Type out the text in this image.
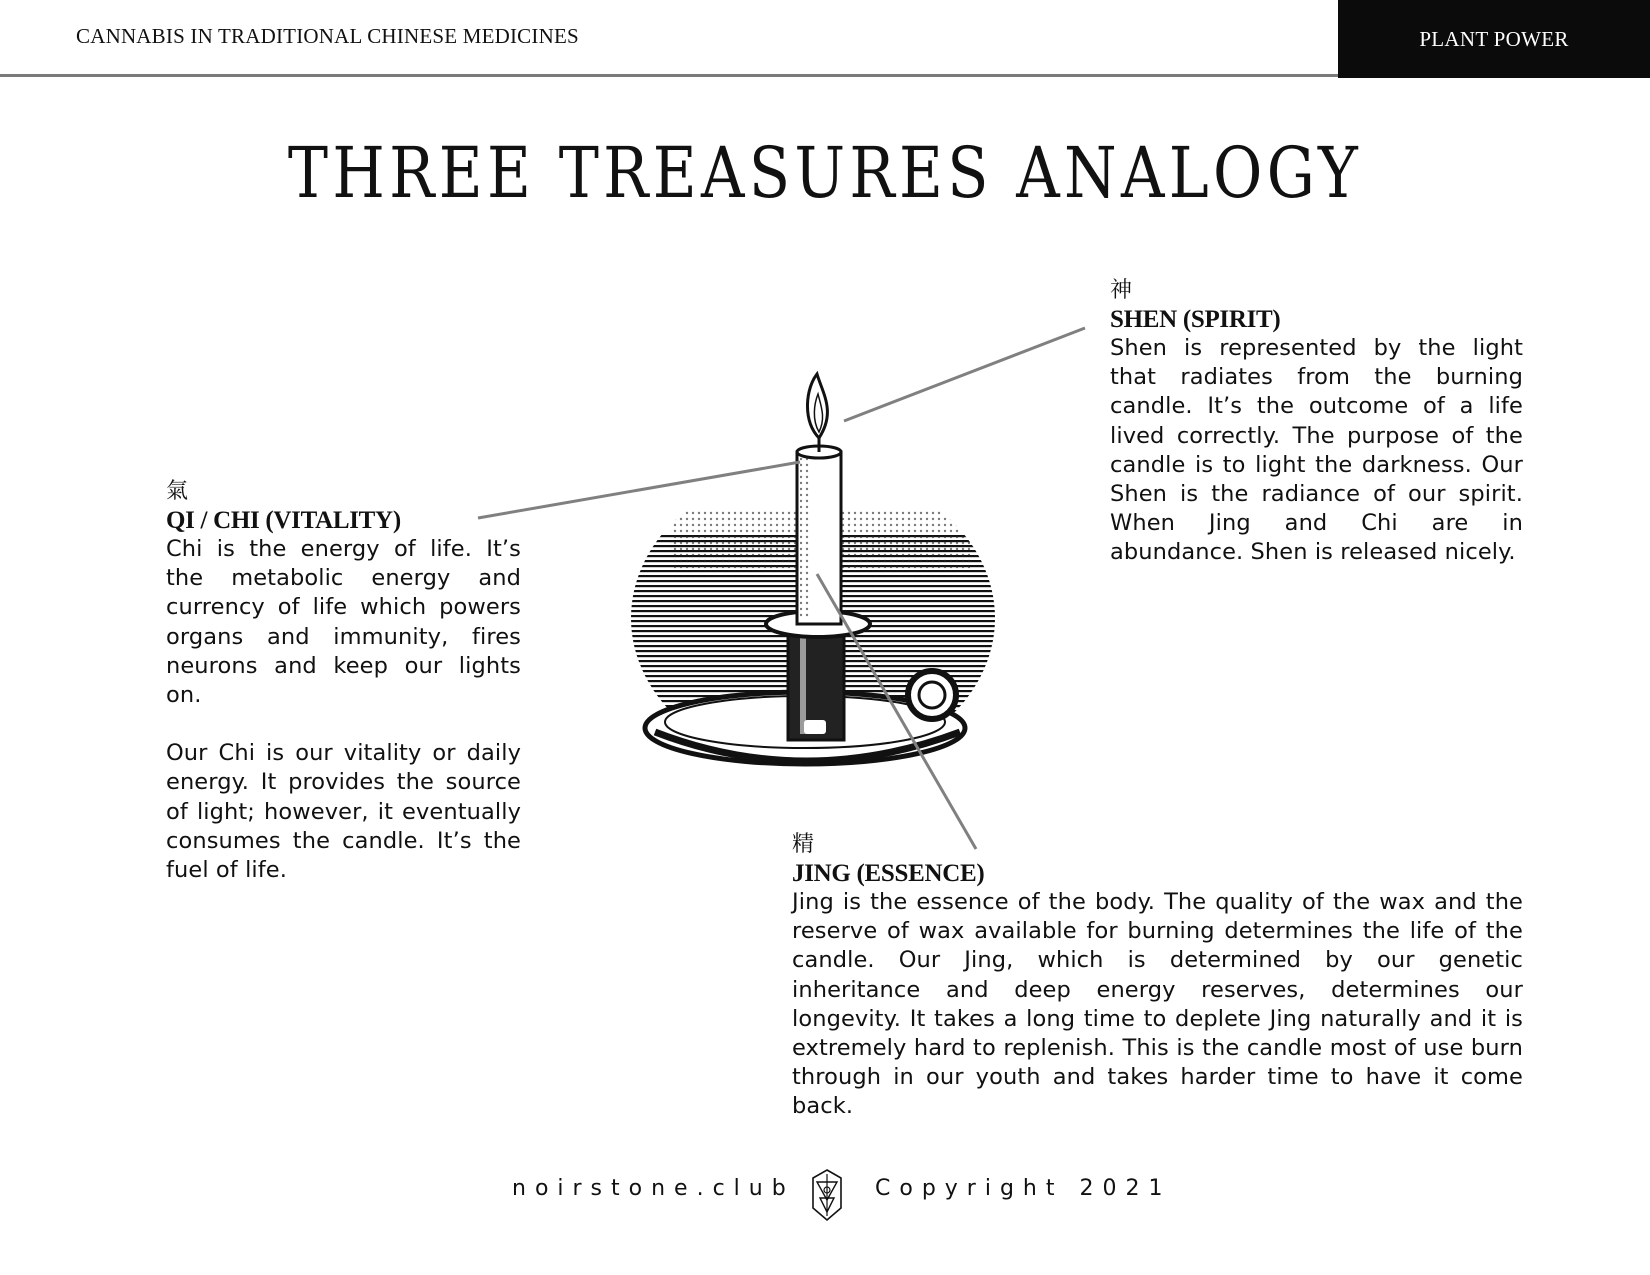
CANNABIS IN TRADITIONAL CHINESE MEDICINES	PLANT POWER
THREE TREASURES ANALOGY
氣
QI / CHI (VITALITY)

Chi is the energy of life. It’s the metabolic energy and currency of life which powers organs and immunity, fires neurons and keep our lights on.

Our Chi is our vitality or daily energy. It provides the source of light; however, it eventually consumes the candle. It’s the fuel of life.

神
SHEN (SPIRIT)

Shen is represented by the light that radiates from the burning candle. It’s the outcome of a life lived correctly. The purpose of the candle is to light the darkness. Our Shen is the radiance of our spirit. When Jing and Chi are in abundance. Shen is released nicely.

精
JING (ESSENCE)

Jing is the essence of the body. The quality of the wax and the reserve of wax available for burning determines the life of the candle. Our Jing, which is determined by our genetic inheritance and deep energy reserves, determines our longevity. It takes a long time to deplete Jing naturally and it is extremely hard to replenish. This is the candle most of use burn through in our youth and takes harder time to have it come back.

noirstone.club	Copyright 2021
